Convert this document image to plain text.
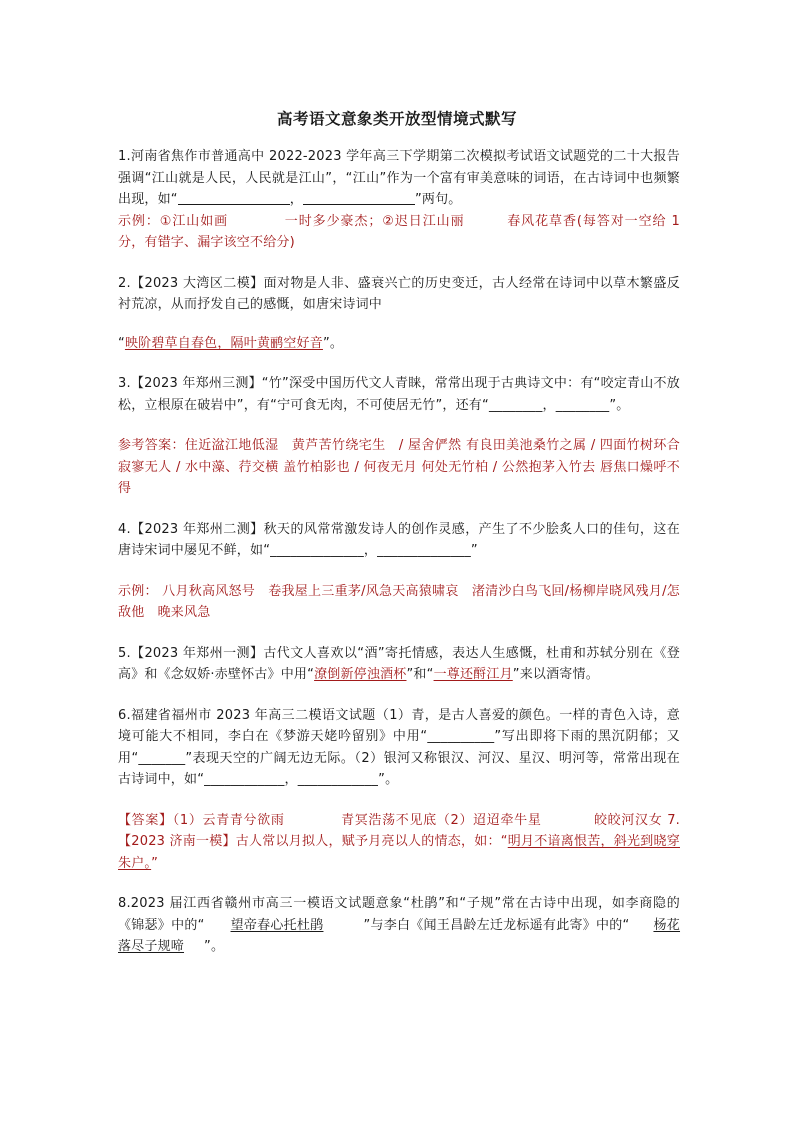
高考语文意象类开放型情境式默写

1.河南省焦作市普通高中 2022-2023 学年高三下学期第二次模拟考试语文试题党的二十大报告强调“江山就是人民，人民就是江山”，“江山”作为一个富有审美意味的词语，在古诗词中也频繁出现，如“	，	”两句。

示例：①江山如画	一时多少豪杰；②迟日江山丽	春风花草香(每答对一空给 1 分，有错字、漏字该空不给分)

2.【2023 大湾区二模】面对物是人非、盛衰兴亡的历史变迁，古人经常在诗词中以草木繁盛反衬荒凉，从而抒发自己的感慨，如唐宋诗词中

“映阶碧草自春色，隔叶黄鹂空好音”。

3.【2023 年郑州三测】“竹”深受中国历代文人青睐，常常出现于古典诗文中：有“咬定青山不放松，立根原在破岩中”，有“宁可食无肉，不可使居无竹”，还有“________，________”。

参考答案：住近湓江地低湿　黄芦苦竹绕宅生　/ 屋舍俨然 有良田美池桑竹之属 / 四面竹树环合 寂寥无人 / 水中藻、荇交横 盖竹柏影也 / 何夜无月 何处无竹柏 / 公然抱茅入竹去 唇焦口燥呼不得

4.【2023 年郑州二测】秋天的风常常激发诗人的创作灵感，产生了不少脍炙人口的佳句，这在唐诗宋词中屡见不鲜，如“______________，______________”

示例： 八月秋高风怒号　卷我屋上三重茅/风急天高猿啸哀　渚清沙白鸟飞回/杨柳岸晓风残月/怎敌他　晚来风急

5.【2023 年郑州一测】古代文人喜欢以“酒”寄托情感，表达人生感慨，杜甫和苏轼分别在《登高》和《念奴娇·赤壁怀古》中用“潦倒新停浊酒杯”和“一尊还酹江月”来以酒寄情。

6.福建省福州市 2023 年高三二模语文试题（1）青，是古人喜爱的颜色。一样的青色入诗，意境可能大不相同，李白在《梦游天姥吟留别》中用“__________”写出即将下雨的黑沉阴郁；又用“_______”表现天空的广阔无边无际。（2）银河又称银汉、河汉、星汉、明河等，常常出现在古诗词中，如“____________，____________”。

【答案】（1）云青青兮欲雨	青冥浩荡不见底（2）迢迢牵牛星	皎皎河汉女 7.【2023 济南一模】古人常以月拟人，赋予月亮以人的情态，如：“明月不谙离恨苦，斜光到晓穿朱户。”

8.2023 届江西省赣州市高三一模语文试题意象“杜鹃”和“子规”常在古诗中出现，如李商隐的《锦瑟》中的“ 望帝春心托杜鹃	”与李白《闻王昌龄左迁龙标遥有此寄》中的“ 杨花落尽子规啼 ”。
